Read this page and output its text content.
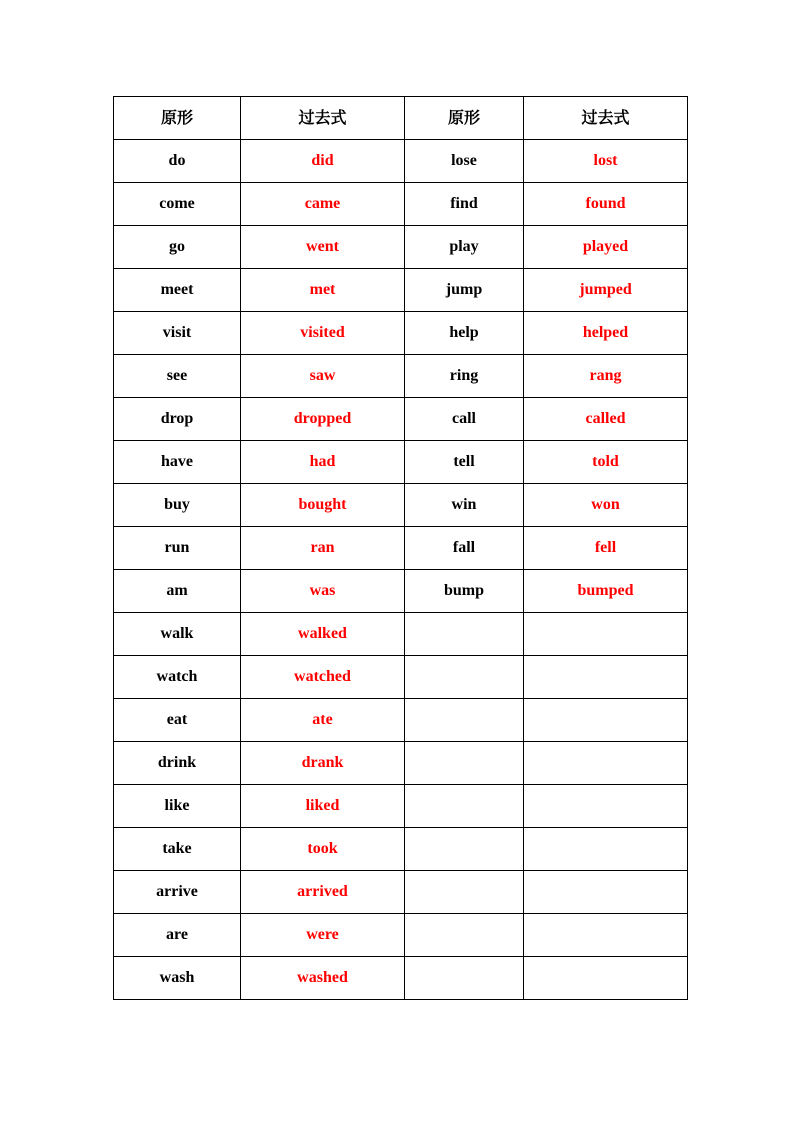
原形	过去式	原形	过去式
do	did	lose	lost
come	came	find	found
go	went	play	played
meet	met	jump	jumped
visit	visited	help	helped
see	saw	ring	rang
drop	dropped	call	called
have	had	tell	told
buy	bought	win	won
run	ran	fall	fell
am	was	bump	bumped
walk	walked		
watch	watched		
eat	ate		
drink	drank		
like	liked		
take	took		
arrive	arrived		
are	were		
wash	washed		
